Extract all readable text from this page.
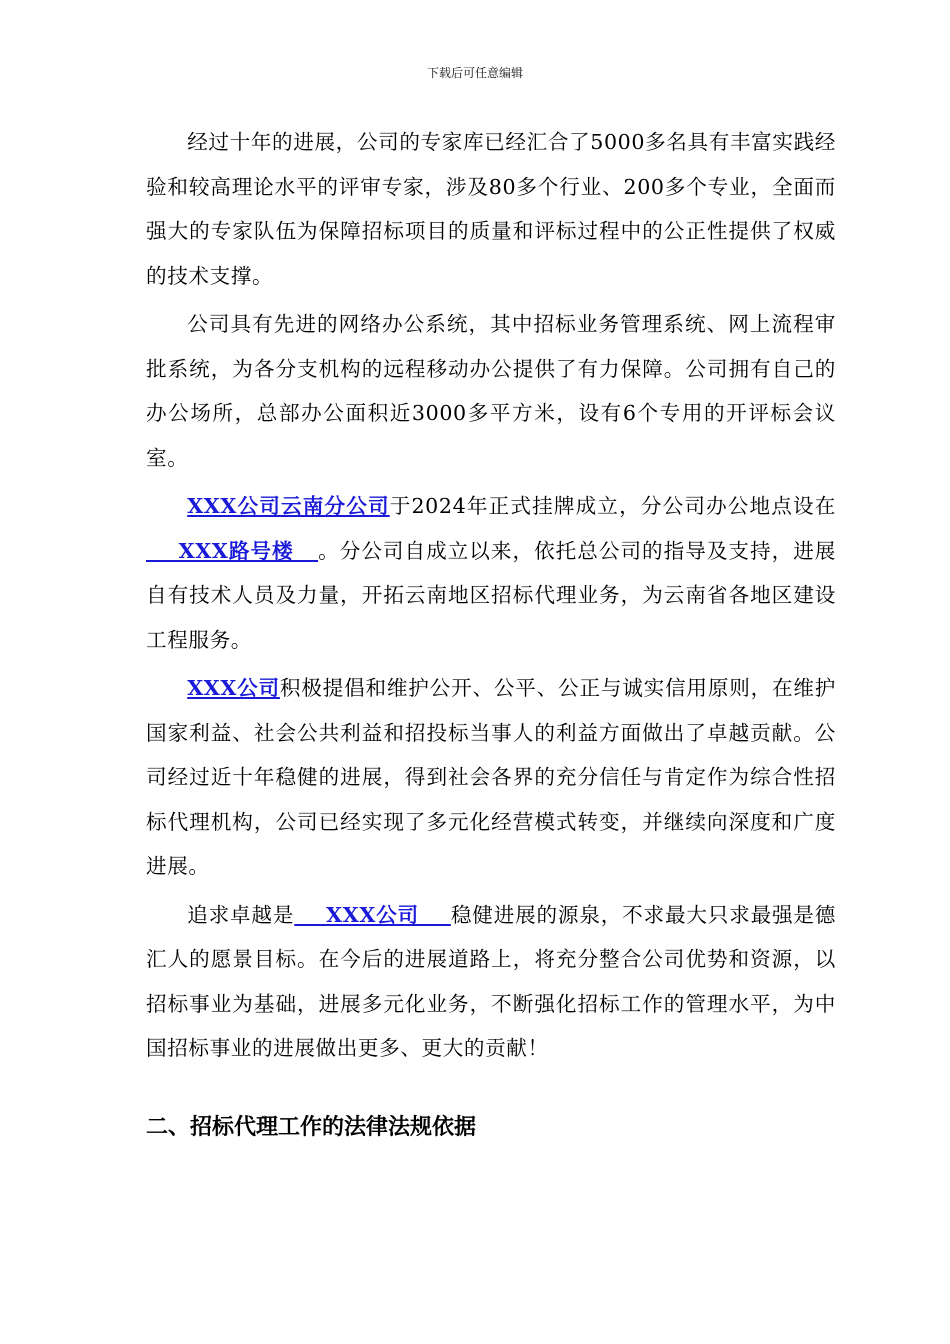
下载后可任意编辑

经过十年的进展，公司的专家库已经汇合了5000多名具有丰富实践经验和较高理论水平的评审专家，涉及80多个行业、200多个专业，全面而强大的专家队伍为保障招标项目的质量和评标过程中的公正性提供了权威的技术支撑。

公司具有先进的网络办公系统，其中招标业务管理系统、网上流程审批系统，为各分支机构的远程移动办公提供了有力保障。公司拥有自己的办公场所，总部办公面积近3000多平方米，设有6个专用的开评标会议室。

XXX公司云南分公司于2024年正式挂牌成立，分公司办公地点设在    XXX路号楼   。分公司自成立以来，依托总公司的指导及支持，进展自有技术人员及力量，开拓云南地区招标代理业务，为云南省各地区建设工程服务。

XXX公司积极提倡和维护公开、公平、公正与诚实信用原则，在维护国家利益、社会公共利益和招投标当事人的利益方面做出了卓越贡献。公司经过近十年稳健的进展，得到社会各界的充分信任与肯定作为综合性招标代理机构，公司已经实现了多元化经营模式转变，并继续向深度和广度进展。

追求卓越是    XXX公司    稳健进展的源泉，不求最大只求最强是德汇人的愿景目标。在今后的进展道路上，将充分整合公司优势和资源，以招标事业为基础，进展多元化业务，不断强化招标工作的管理水平，为中国招标事业的进展做出更多、更大的贡献！

二、招标代理工作的法律法规依据
